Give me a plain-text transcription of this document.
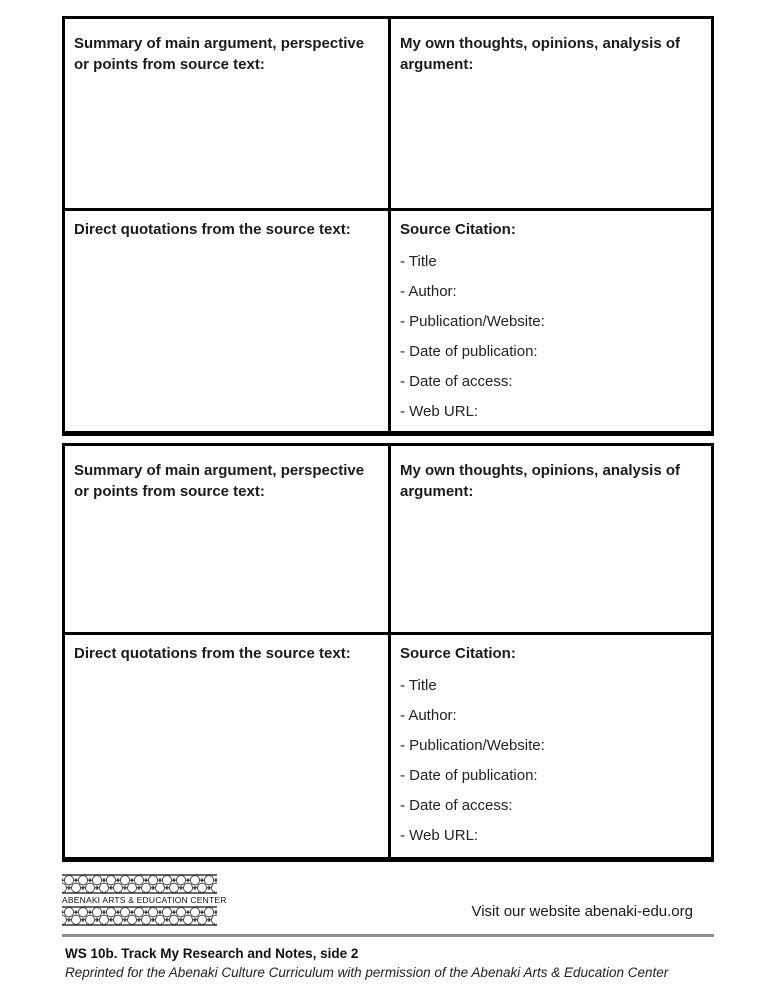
Summary of main argument, perspective or points from source text:
My own thoughts, opinions, analysis of argument:
Direct quotations from the source text:	Source Citation:
- Title
- Author:
- Publication/Website:
- Date of publication:
- Date of access:
- Web URL:
Summary of main argument, perspective or points from source text:
My own thoughts, opinions, analysis of argument:
Direct quotations from the source text:	Source Citation:
- Title
- Author:
- Publication/Website:
- Date of publication:
- Date of access:
- Web URL:
ABENAKI ARTS & EDUCATION CENTER
Visit our website abenaki-edu.org
WS 10b. Track My Research and Notes, side 2
Reprinted for the Abenaki Culture Curriculum with permission of the Abenaki Arts & Education Center
